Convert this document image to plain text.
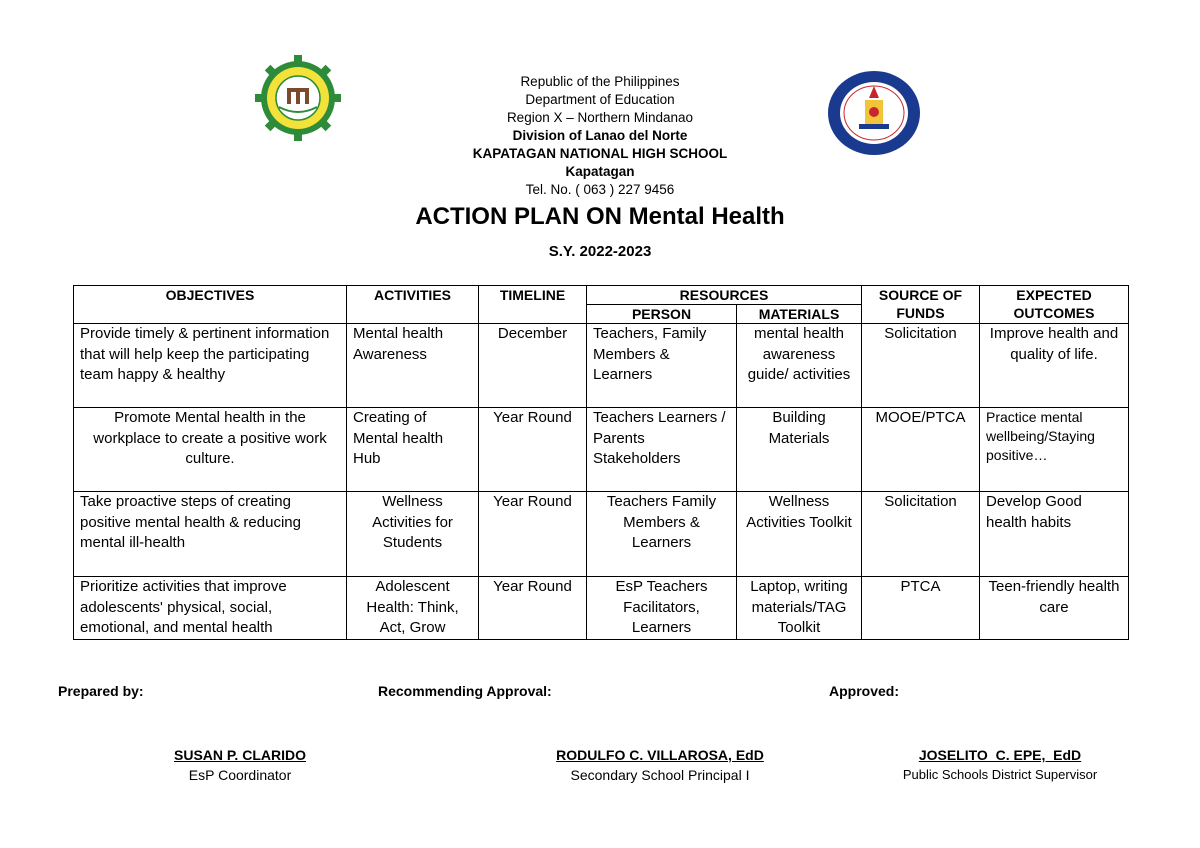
Republic of the Philippines
Department of Education
Region X – Northern Mindanao
Division of Lanao del Norte
KAPATAGAN NATIONAL HIGH SCHOOL
Kapatagan
Tel. No. ( 063 ) 227 9456
ACTION PLAN ON Mental Health
S.Y. 2022-2023
OBJECTIVES	ACTIVITIES	TIMELINE	RESOURCES		SOURCE OF FUNDS	EXPECTED OUTCOMES
			PERSON	MATERIALS		
Provide timely & pertinent information that will help keep the participating team happy & healthy	Mental health Awareness	December	Teachers, Family Members & Learners	mental health awareness guide/ activities	Solicitation	Improve health and quality of life.
Promote Mental health in the workplace to create a positive work culture.	Creating of Mental health Hub	Year Round	Teachers Learners / Parents Stakeholders	Building Materials	MOOE/PTCA	Practice mental wellbeing/Staying positive…
Take proactive steps of creating positive mental health & reducing mental ill-health	Wellness Activities for Students	Year Round	Teachers Family Members & Learners	Wellness Activities Toolkit	Solicitation	Develop Good health habits
Prioritize activities that improve adolescents' physical, social, emotional, and mental health	Adolescent Health: Think, Act, Grow	Year Round	EsP Teachers Facilitators, Learners	Laptop, writing materials/TAG Toolkit	PTCA	Teen-friendly health care
Prepared by:	Recommending Approval:	Approved:
SUSAN P. CLARIDO
EsP Coordinator
RODULFO C. VILLAROSA, EdD
Secondary School Principal I
JOSELITO  C. EPE,  EdD
Public Schools District Supervisor
